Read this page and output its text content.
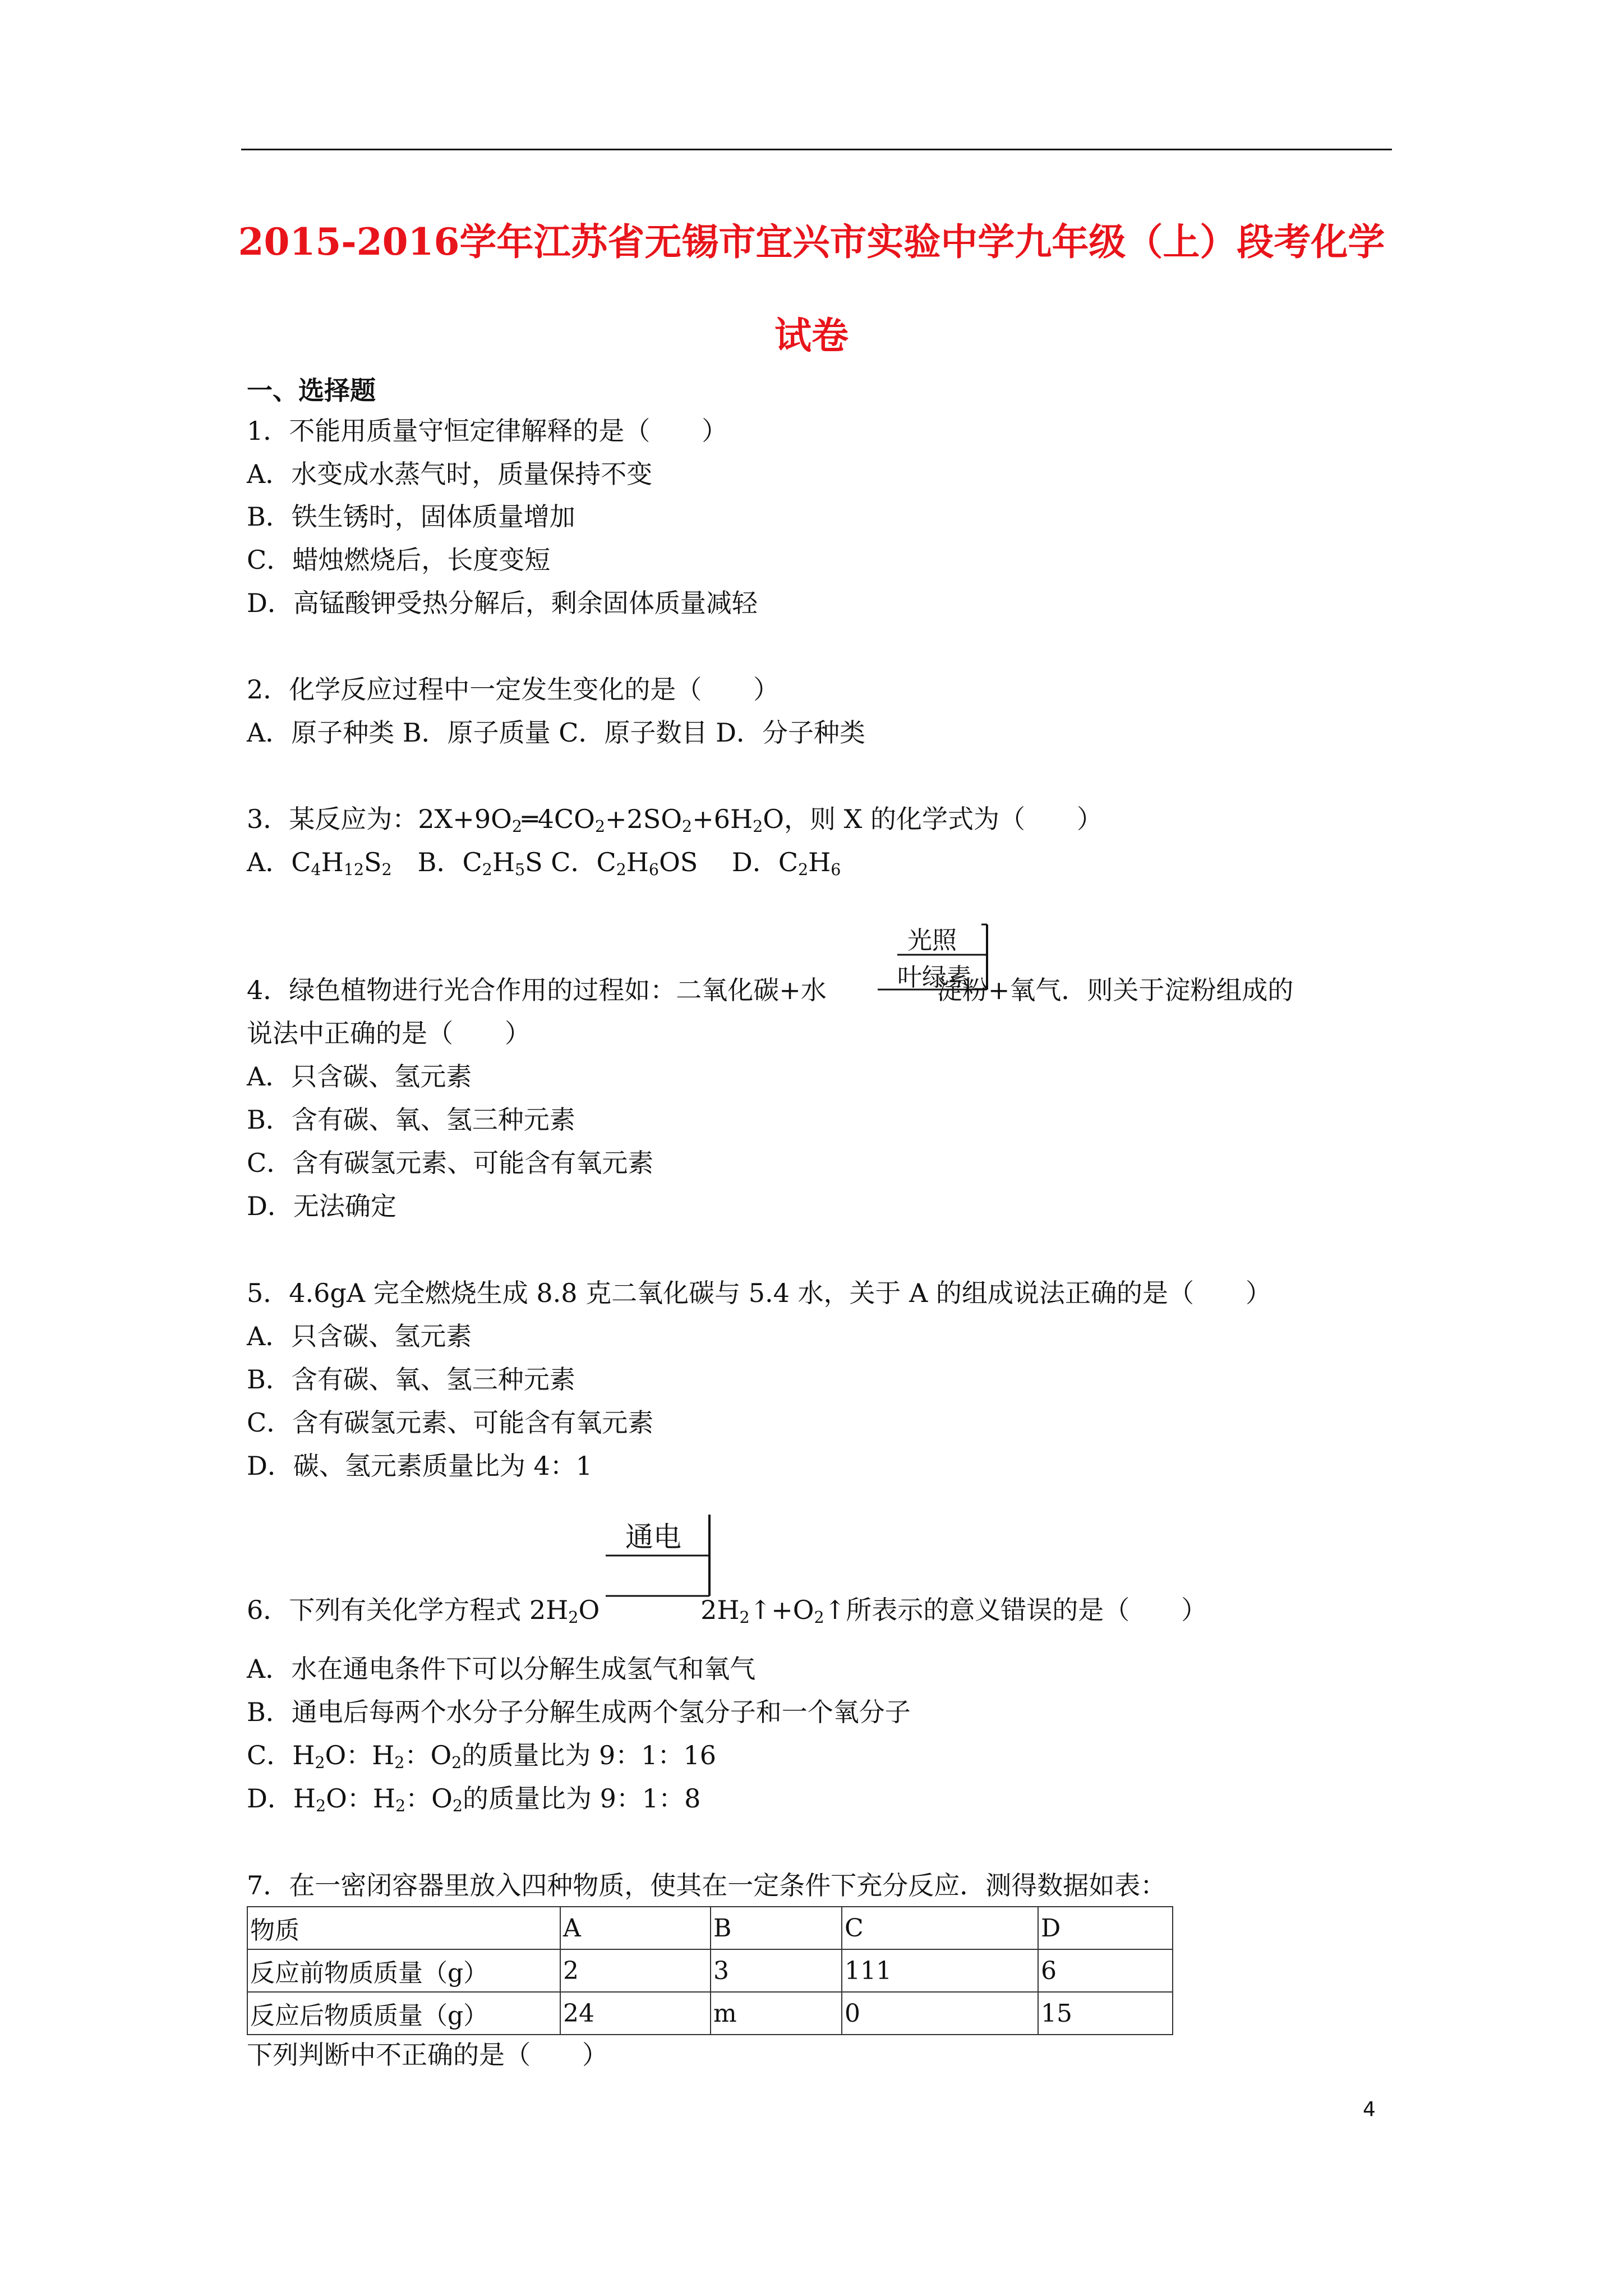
2015-2016学年江苏省无锡市宜兴市实验中学九年级（上）段考化学
试卷
一、选择题
1．不能用质量守恒定律解释的是（　　）
A．水变成水蒸气时，质量保持不变
B．铁生锈时，固体质量增加
C．蜡烛燃烧后，长度变短
D．高锰酸钾受热分解后，剩余固体质量减轻
2．化学反应过程中一定发生变化的是（　　）
A．原子种类 B．原子质量 C．原子数目 D．分子种类
3．某反应为：$2X+9O_2═4CO_2+2SO_2+6H_2O$，则 X 的化学式为（　　）
A．$C_4H_{12}S_2$　B．$C_2H_5S$ C．$C_2H_6OS$　 D．$C_2H_6$
光照
叶绿素
4．绿色植物进行光合作用的过程如：二氧化碳+水	淀粉+氧气．则关于淀粉组成的
说法中正确的是（　　）
A．只含碳、氢元素
B．含有碳、氧、氢三种元素
C．含有碳氢元素、可能含有氧元素
D．无法确定
5．4.6gA 完全燃烧生成 8.8 克二氧化碳与 5.4 水，关于 A 的组成说法正确的是（　　）
A．只含碳、氢元素
B．含有碳、氧、氢三种元素
C．含有碳氢元素、可能含有氧元素
D．碳、氢元素质量比为 4：1
通电
6．下列有关化学方程式 $2H_2O$	$2H_2↑+O_2↑$所表示的意义错误的是（　　）
A．水在通电条件下可以分解生成氢气和氧气
B．通电后每两个水分子分解生成两个氢分子和一个氧分子
C．$H_2O$：$H_2$：$O_2$的质量比为 9：1：16
D．$H_2O$：$H_2$：$O_2$的质量比为 9：1：8
7．在一密闭容器里放入四种物质，使其在一定条件下充分反应．测得数据如表：
物质	A	B	C	D
反应前物质质量（g）	2	3	111	6
反应后物质质量（g）	24	m	0	15
下列判断中不正确的是（　　）
4
